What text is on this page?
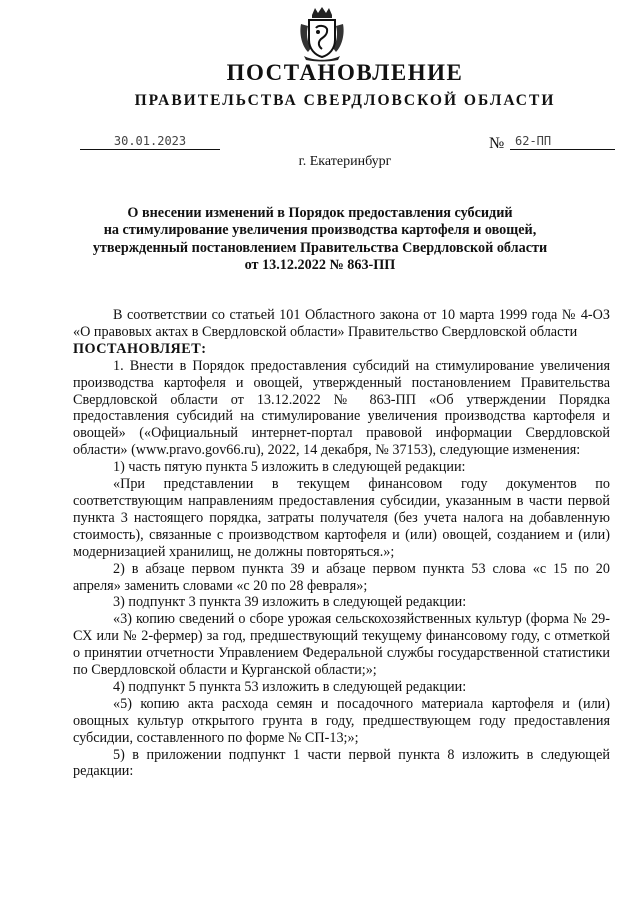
ПОСТАНОВЛЕНИЕ
ПРАВИТЕЛЬСТВА СВЕРДЛОВСКОЙ ОБЛАСТИ
30.01.2023	№ 62-ПП
г. Екатеринбург
О внесении изменений в Порядок предоставления субсидий
на стимулирование увеличения производства картофеля и овощей,
утвержденный постановлением Правительства Свердловской области
от 13.12.2022 № 863-ПП

В соответствии со статьей 101 Областного закона от 10 марта 1999 года № 4-ОЗ «О правовых актах в Свердловской области» Правительство Свердловской области

ПОСТАНОВЛЯЕТ:

1. Внести в Порядок предоставления субсидий на стимулирование увеличения производства картофеля и овощей, утвержденный постановлением Правительства Свердловской области от 13.12.2022 № 863-ПП «Об утверждении Порядка предоставления субсидий на стимулирование увеличения производства картофеля и овощей» («Официальный интернет-портал правовой информации Свердловской области» (www.pravo.gov66.ru), 2022, 14 декабря, № 37153), следующие изменения:

1) часть пятую пункта 5 изложить в следующей редакции:

«При представлении в текущем финансовом году документов по соответствующим направлениям предоставления субсидии, указанным в части первой пункта 3 настоящего порядка, затраты получателя (без учета налога на добавленную стоимость), связанные с производством картофеля и (или) овощей, созданием и (или) модернизацией хранилищ, не должны повторяться.»;

2) в абзаце первом пункта 39 и абзаце первом пункта 53 слова «с 15 по 20 апреля» заменить словами «с 20 по 28 февраля»;

3) подпункт 3 пункта 39 изложить в следующей редакции:

«3) копию сведений о сборе урожая сельскохозяйственных культур (форма № 29-СХ или № 2-фермер) за год, предшествующий текущему финансовому году, с отметкой о принятии отчетности Управлением Федеральной службы государственной статистики по Свердловской области и Курганской области;»;

4) подпункт 5 пункта 53 изложить в следующей редакции:

«5) копию акта расхода семян и посадочного материала картофеля и (или) овощных культур открытого грунта в году, предшествующем году предоставления субсидии, составленного по форме № СП-13;»;

5) в приложении подпункт 1 части первой пункта 8 изложить в следующей редакции:
